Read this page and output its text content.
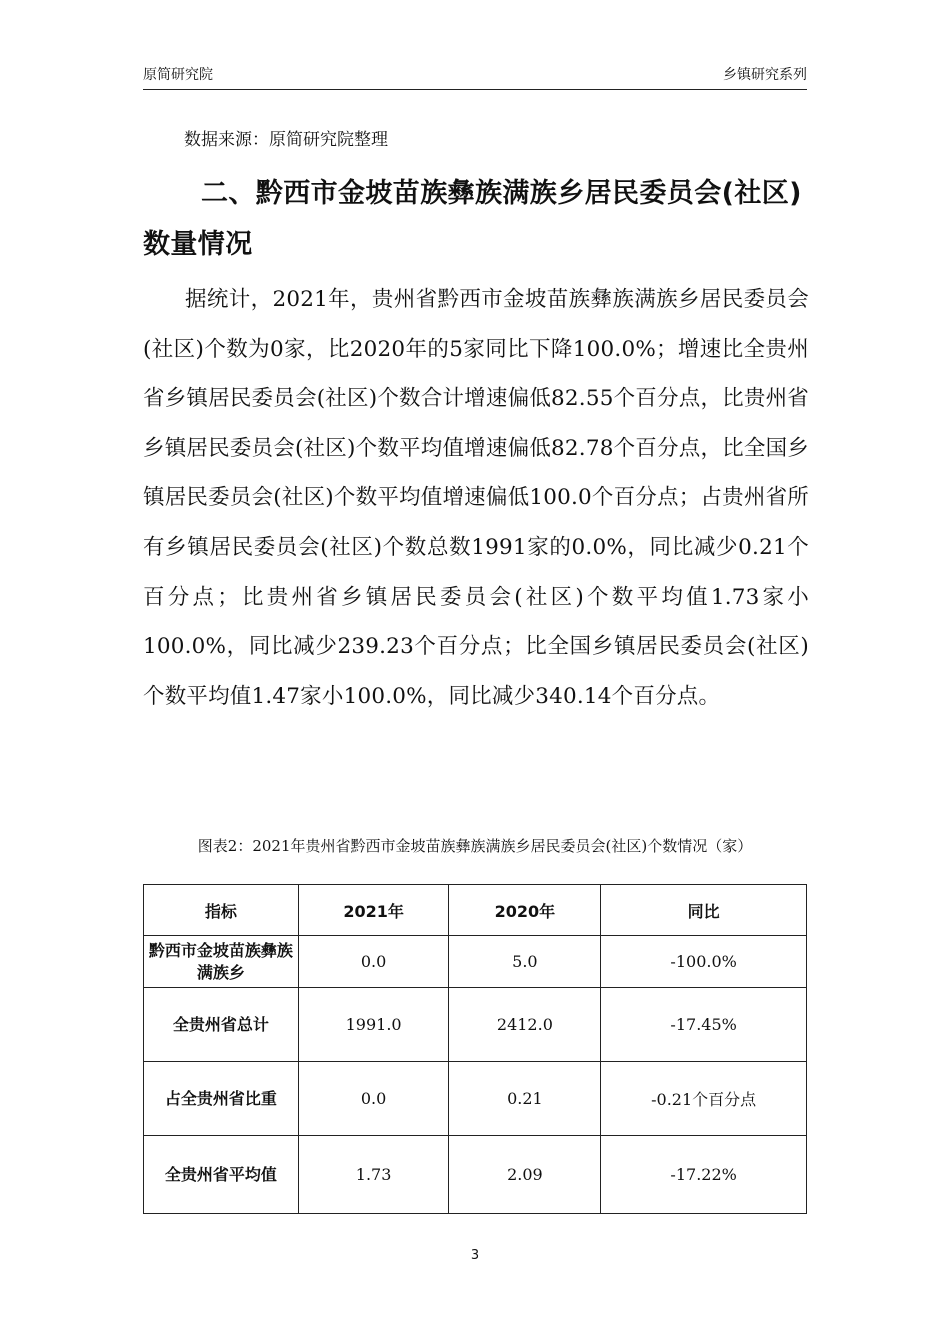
原简研究院	乡镇研究系列
数据来源：原简研究院整理
二、黔西市金坡苗族彝族满族乡居民委员会(社区)数量情况
据统计，2021年，贵州省黔西市金坡苗族彝族满族乡居民委员会(社区)个数为0家，比2020年的5家同比下降100.0%；增速比全贵州省乡镇居民委员会(社区)个数合计增速偏低82.55个百分点，比贵州省乡镇居民委员会(社区)个数平均值增速偏低82.78个百分点，比全国乡镇居民委员会(社区)个数平均值增速偏低100.0个百分点；占贵州省所有乡镇居民委员会(社区)个数总数1991家的0.0%，同比减少0.21个百分点；比贵州省乡镇居民委员会(社区)个数平均值1.73家小100.0%，同比减少239.23个百分点；比全国乡镇居民委员会(社区)个数平均值1.47家小100.0%，同比减少340.14个百分点。
图表2：2021年贵州省黔西市金坡苗族彝族满族乡居民委员会(社区)个数情况（家）
指标	2021年	2020年	同比
黔西市金坡苗族彝族满族乡	0.0	5.0	-100.0%
全贵州省总计	1991.0	2412.0	-17.45%
占全贵州省比重	0.0	0.21	-0.21个百分点
全贵州省平均值	1.73	2.09	-17.22%
3
